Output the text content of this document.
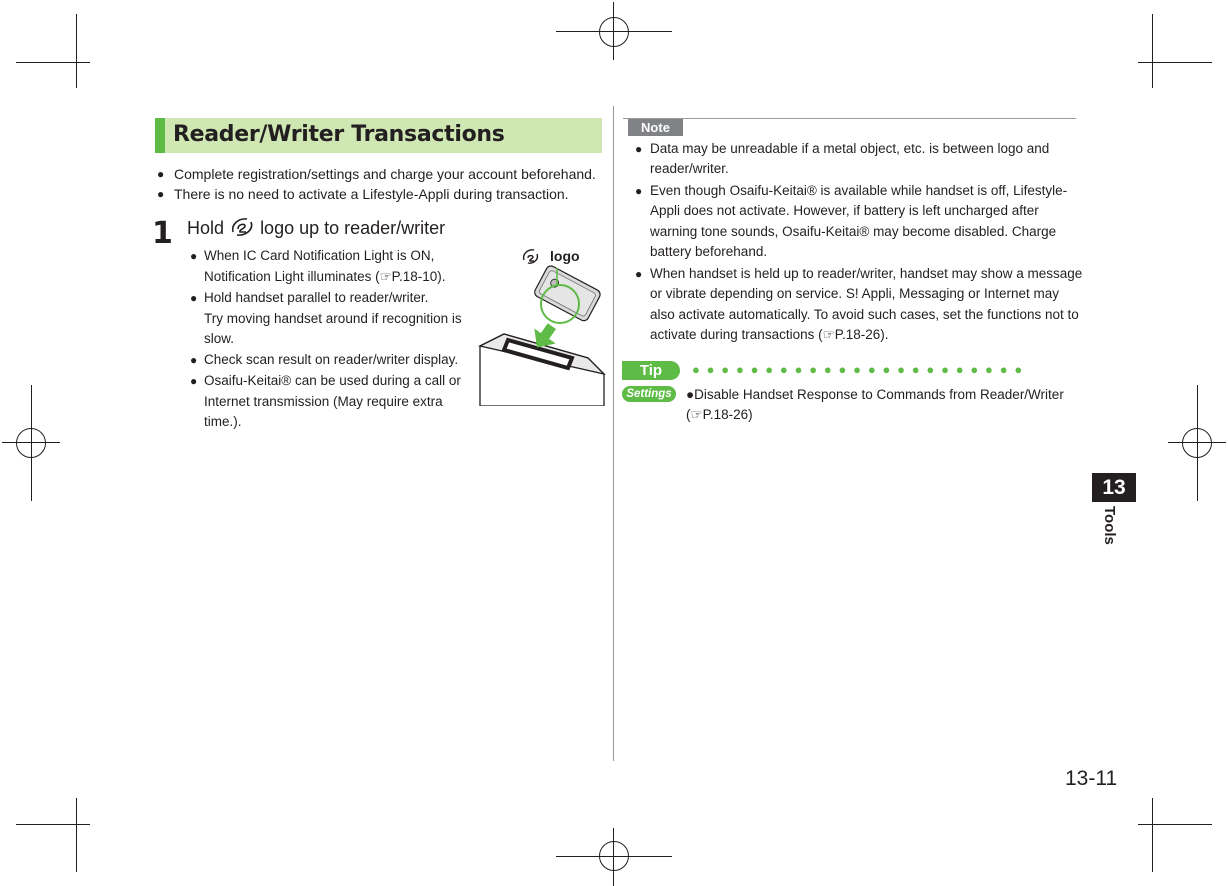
Reader/Writer Transactions
● Complete registration/settings and charge your account beforehand.
● There is no need to activate a Lifestyle-Appli during transaction.
1 Hold logo up to reader/writer
● When IC Card Notification Light is ON,
Notification Light illuminates (☞P.18-10).
● Hold handset parallel to reader/writer.
Try moving handset around if recognition is
slow.
● Check scan result on reader/writer display.
● Osaifu-Keitai® can be used during a call or
Internet transmission (May require extra
time.).
logo
Note
● Data may be unreadable if a metal object, etc. is between logo and
reader/writer.
● Even though Osaifu-Keitai® is available while handset is off, Lifestyle-
Appli does not activate. However, if battery is left uncharged after
warning tone sounds, Osaifu-Keitai® may become disabled. Charge
battery beforehand.
● When handset is held up to reader/writer, handset may show a message
or vibrate depending on service. S! Appli, Messaging or Internet may
also activate automatically. To avoid such cases, set the functions not to
activate during transactions (☞P.18-26).
Tip	●●●●●●●●●●●●●●●●●●●●●●●
Settings	●Disable Handset Response to Commands from Reader/Writer
(☞P.18-26)
13
Tools
13-11
